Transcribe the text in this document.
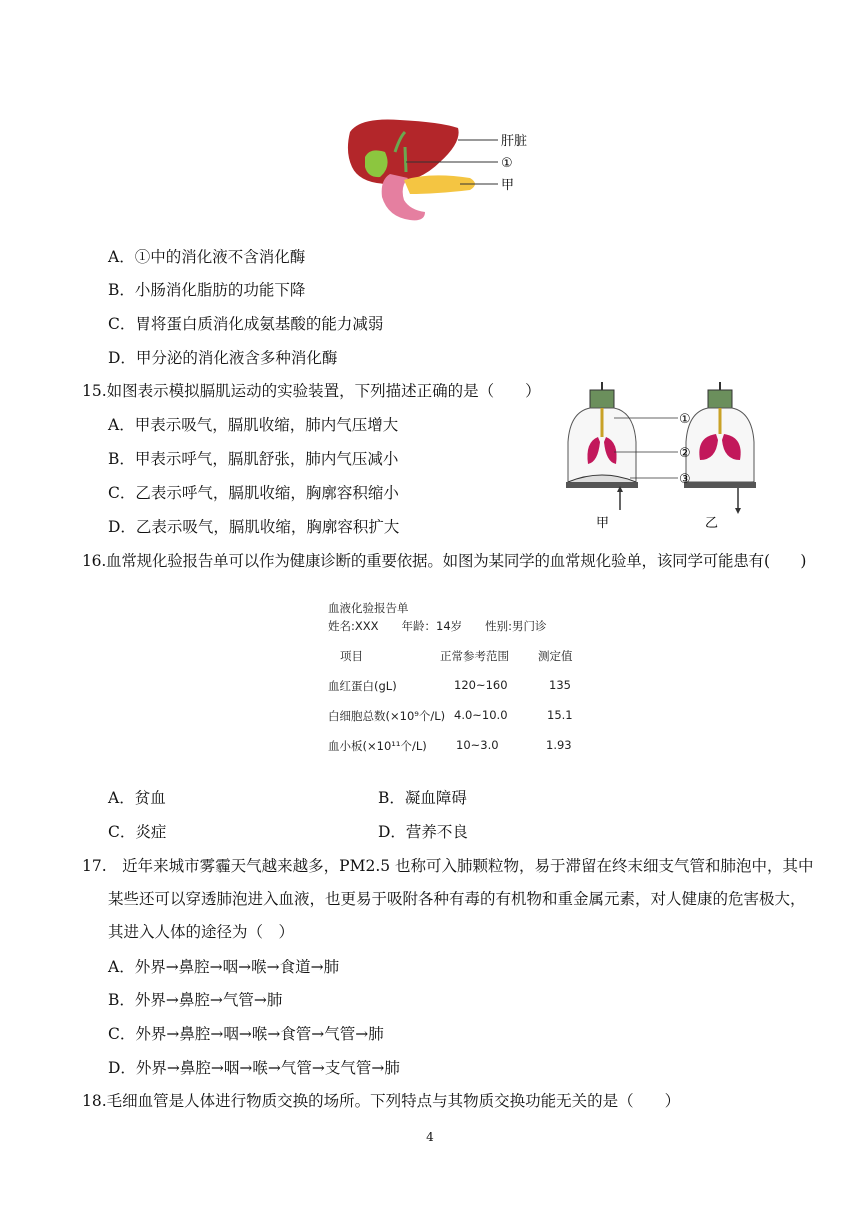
肝脏
①
甲
A．①中的消化液不含消化酶
B．小肠消化脂肪的功能下降
C．胃将蛋白质消化成氨基酸的能力减弱
D．甲分泌的消化液含多种消化酶
15.如图表示模拟膈肌运动的实验装置，下列描述正确的是（　　）
A．甲表示吸气，膈肌收缩，肺内气压增大
B．甲表示呼气，膈肌舒张，肺内气压减小
C．乙表示呼气，膈肌收缩，胸廓容积缩小
D．乙表示吸气，膈肌收缩，胸廓容积扩大
①
②
③
甲	乙
16.血常规化验报告单可以作为健康诊断的重要依据。如图为某同学的血常规化验单，该同学可能患有(　　)
血液化验报告单
姓名:XXX　　年龄：14岁　　性别:男门诊
项目	正常参考范围	测定值
血红蛋白(gL)	120~160	135
白细胞总数(×10⁹个/L) 4.0~10.0	15.1
血小板(×10¹¹个/L)	10~3.0	1.93
A．贫血	B．凝血障碍
C．炎症	D．营养不良
17.　近年来城市雾霾天气越来越多，PM2.5 也称可入肺颗粒物，易于滞留在终末细支气管和肺泡中，其中
某些还可以穿透肺泡进入血液，也更易于吸附各种有毒的有机物和重金属元素，对人健康的危害极大，
其进入人体的途径为（　）
A．外界→鼻腔→咽→喉→食道→肺
B．外界→鼻腔→气管→肺
C．外界→鼻腔→咽→喉→食管→气管→肺
D．外界→鼻腔→咽→喉→气管→支气管→肺
18.毛细血管是人体进行物质交换的场所。下列特点与其物质交换功能无关的是（　　）
4
